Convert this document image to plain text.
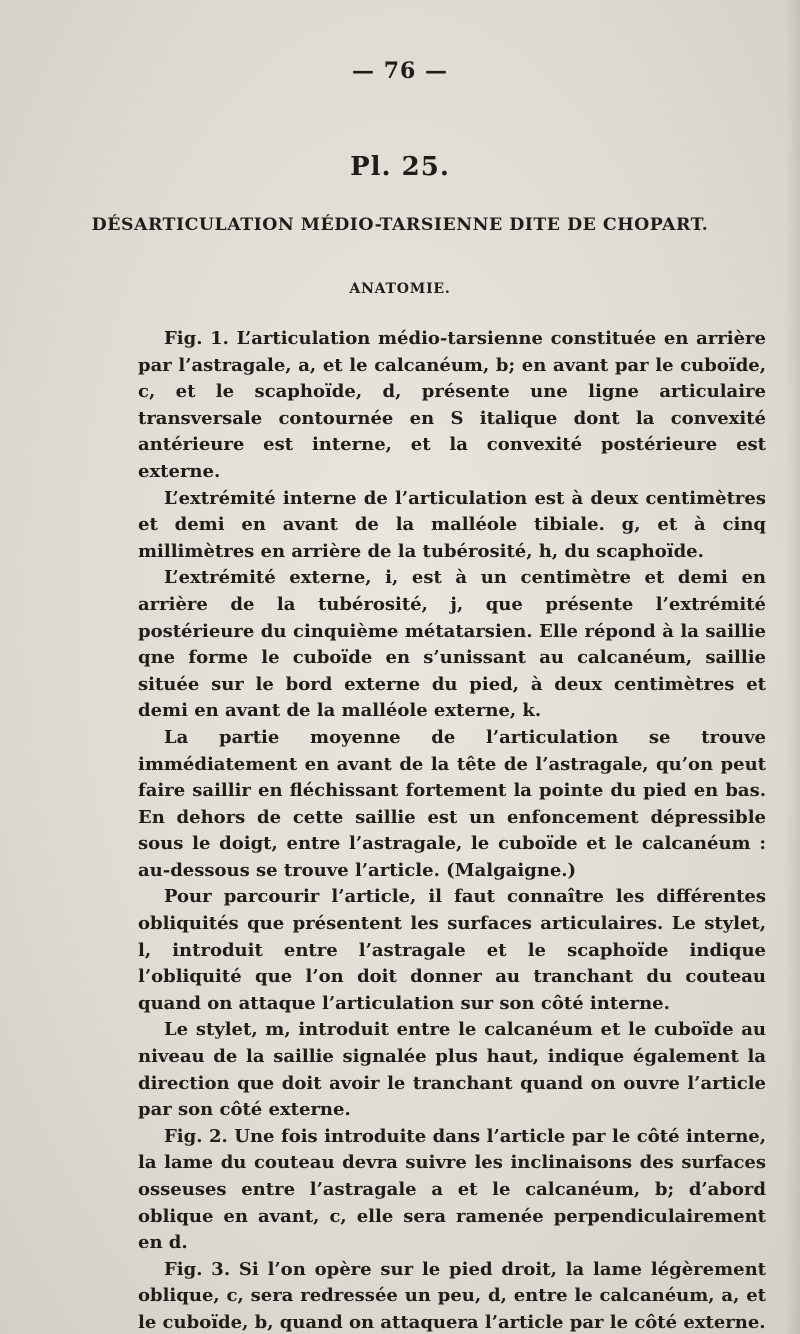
— 76 —
Pl. 25.
DÉSARTICULATION MÉDIO-TARSIENNE DITE DE CHOPART.
ANATOMIE.

Fig. 1. L’articulation médio-tarsienne constituée en arrière par l’astragale, a, et le calcanéum, b; en avant par le cuboïde, c, et le scaphoïde, d, présente une ligne articulaire transversale contournée en S italique dont la convexité antérieure est interne, et la convexité postérieure est externe.

L’extrémité interne de l’articulation est à deux centimètres et demi en avant de la malléole tibiale. g, et à cinq millimètres en arrière de la tubérosité, h, du scaphoïde.

L’extrémité externe, i, est à un centimètre et demi en arrière de la tubérosité, j, que présente l’extrémité postérieure du cinquième métatarsien. Elle répond à la saillie qne forme le cuboïde en s’unissant au calcanéum, saillie située sur le bord externe du pied, à deux centimètres et demi en avant de la malléole externe, k.

La partie moyenne de l’articulation se trouve immédiatement en avant de la tête de l’astragale, qu’on peut faire saillir en fléchissant fortement la pointe du pied en bas. En dehors de cette saillie est un enfoncement dépressible sous le doigt, entre l’astragale, le cuboïde et le calcanéum : au-dessous se trouve l’article. (Malgaigne.)

Pour parcourir l’article, il faut connaître les différentes obliquités que présentent les surfaces articulaires. Le stylet, l, introduit entre l’astragale et le scaphoïde indique l’obliquité que l’on doit donner au tranchant du couteau quand on attaque l’articulation sur son côté interne.

Le stylet, m, introduit entre le calcanéum et le cuboïde au niveau de la saillie signalée plus haut, indique également la direction que doit avoir le tranchant quand on ouvre l’article par son côté externe.

Fig. 2. Une fois introduite dans l’article par le côté interne, la lame du couteau devra suivre les inclinaisons des surfaces osseuses entre l’astragale a et le calcanéum, b; d’abord oblique en avant, c, elle sera ramenée perpendiculairement en d.

Fig. 3. Si l’on opère sur le pied droit, la lame légèrement oblique, c, sera redressée un peu, d, entre le calcanéum, a, et le cuboïde, b, quand on attaquera l’article par le côté externe.
